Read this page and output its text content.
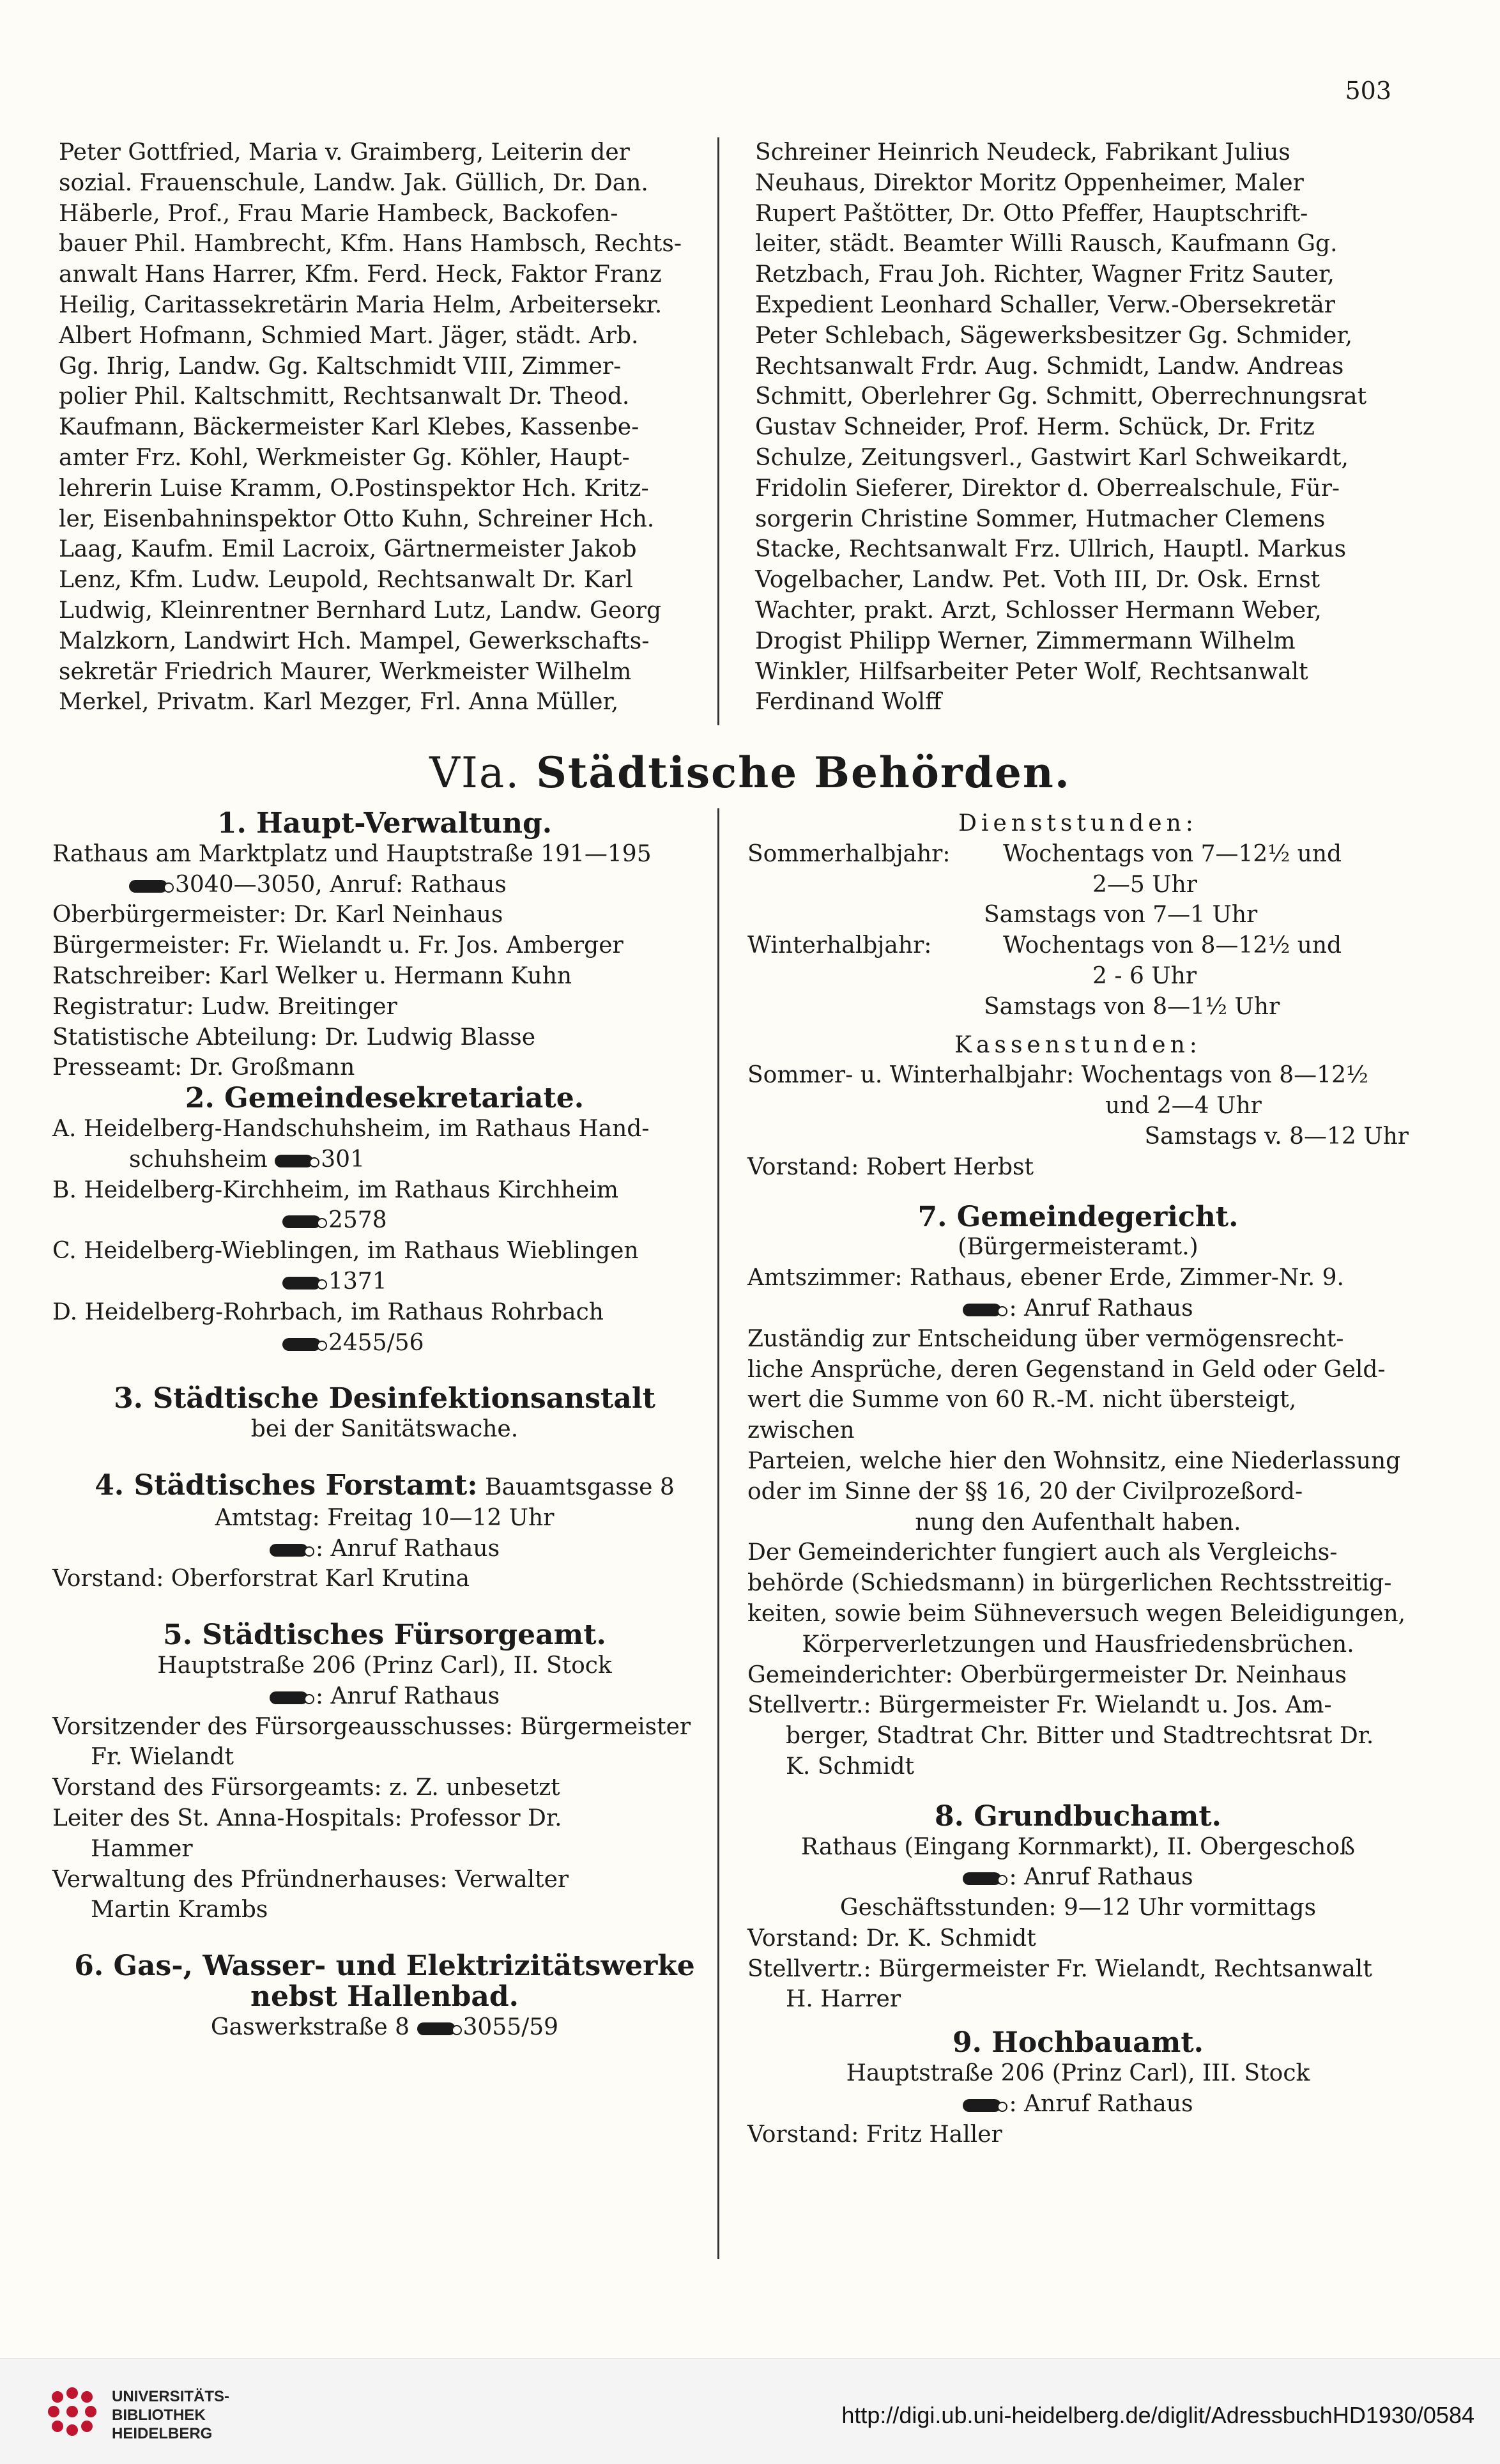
503

Peter Gottfried, Maria v. Graimberg, Leiterin der

sozial. Frauenschule, Landw. Jak. Güllich, Dr. Dan.

Häberle, Prof., Frau Marie Hambeck, Backofen-

bauer Phil. Hambrecht, Kfm. Hans Hambsch, Rechts-

anwalt Hans Harrer, Kfm. Ferd. Heck, Faktor Franz

Heilig, Caritassekretärin Maria Helm, Arbeitersekr.

Albert Hofmann, Schmied Mart. Jäger, städt. Arb.

Gg. Ihrig, Landw. Gg. Kaltschmidt VIII, Zimmer-

polier Phil. Kaltschmitt, Rechtsanwalt Dr. Theod.

Kaufmann, Bäckermeister Karl Klebes, Kassenbe-

amter Frz. Kohl, Werkmeister Gg. Köhler, Haupt-

lehrerin Luise Kramm, O.Postinspektor Hch. Kritz-

ler, Eisenbahninspektor Otto Kuhn, Schreiner Hch.

Laag, Kaufm. Emil Lacroix, Gärtnermeister Jakob

Lenz, Kfm. Ludw. Leupold, Rechtsanwalt Dr. Karl

Ludwig, Kleinrentner Bernhard Lutz, Landw. Georg

Malzkorn, Landwirt Hch. Mampel, Gewerkschafts-

sekretär Friedrich Maurer, Werkmeister Wilhelm

Merkel, Privatm. Karl Mezger, Frl. Anna Müller,

Schreiner Heinrich Neudeck, Fabrikant Julius

Neuhaus, Direktor Moritz Oppenheimer, Maler

Rupert Paštötter, Dr. Otto Pfeffer, Hauptschrift-

leiter, städt. Beamter Willi Rausch, Kaufmann Gg.

Retzbach, Frau Joh. Richter, Wagner Fritz Sauter,

Expedient Leonhard Schaller, Verw.-Obersekretär

Peter Schlebach, Sägewerksbesitzer Gg. Schmider,

Rechtsanwalt Frdr. Aug. Schmidt, Landw. Andreas

Schmitt, Oberlehrer Gg. Schmitt, Oberrechnungsrat

Gustav Schneider, Prof. Herm. Schück, Dr. Fritz

Schulze, Zeitungsverl., Gastwirt Karl Schweikardt,

Fridolin Sieferer, Direktor d. Oberrealschule, Für-

sorgerin Christine Sommer, Hutmacher Clemens

Stacke, Rechtsanwalt Frz. Ullrich, Hauptl. Markus

Vogelbacher, Landw. Pet. Voth III, Dr. Osk. Ernst

Wachter, prakt. Arzt, Schlosser Hermann Weber,

Drogist Philipp Werner, Zimmermann Wilhelm

Winkler, Hilfsarbeiter Peter Wolf, Rechtsanwalt

Ferdinand Wolff

VIa. Städtische Behörden.

1. Haupt-Verwaltung.

Rathaus am Marktplatz und Hauptstraße 191—195

3040—3050, Anruf: Rathaus

Oberbürgermeister: Dr. Karl Neinhaus

Bürgermeister: Fr. Wielandt u. Fr. Jos. Amberger

Ratschreiber: Karl Welker u. Hermann Kuhn

Registratur: Ludw. Breitinger

Statistische Abteilung: Dr. Ludwig Blasse

Presseamt: Dr. Großmann

2. Gemeindesekretariate.

A. Heidelberg-Handschuhsheim, im Rathaus Hand-

schuhsheim 301

B. Heidelberg-Kirchheim, im Rathaus Kirchheim

2578

C. Heidelberg-Wieblingen, im Rathaus Wieblingen

1371

D. Heidelberg-Rohrbach, im Rathaus Rohrbach

2455/56

3. Städtische Desinfektionsanstalt

bei der Sanitätswache.

4. Städtisches Forstamt: Bauamtsgasse 8

Amtstag: Freitag 10—12 Uhr

: Anruf Rathaus

Vorstand: Oberforstrat Karl Krutina

5. Städtisches Fürsorgeamt.

Hauptstraße 206 (Prinz Carl), II. Stock

: Anruf Rathaus

Vorsitzender des Fürsorgeausschusses: Bürgermeister

Fr. Wielandt

Vorstand des Fürsorgeamts: z. Z. unbesetzt

Leiter des St. Anna-Hospitals: Professor Dr.

Hammer

Verwaltung des Pfründnerhauses: Verwalter

Martin Krambs

6. Gas-, Wasser- und Elektrizitätswerke

nebst Hallenbad.

Gaswerkstraße 8 3055/59

Dienststunden:

Sommerhalbjahr:	Wochentags von 7—12½ und

2—5 Uhr

Samstags von 7—1 Uhr

Winterhalbjahr:	Wochentags von 8—12½ und

2 - 6 Uhr

Samstags von 8—1½ Uhr

Kassenstunden:

Sommer- u. Winterhalbjahr: Wochentags von 8—12½

und 2—4 Uhr

Samstags v. 8—12 Uhr

Vorstand: Robert Herbst

7. Gemeindegericht.

(Bürgermeisteramt.)

Amtszimmer: Rathaus, ebener Erde, Zimmer-Nr. 9.

: Anruf Rathaus

Zuständig zur Entscheidung über vermögensrecht-

liche Ansprüche, deren Gegenstand in Geld oder Geld-

wert die Summe von 60 R.-M. nicht übersteigt, zwischen

Parteien, welche hier den Wohnsitz, eine Niederlassung

oder im Sinne der §§ 16, 20 der Civilprozeßord-

nung den Aufenthalt haben.

Der Gemeinderichter fungiert auch als Vergleichs-

behörde (Schiedsmann) in bürgerlichen Rechtsstreitig-

keiten, sowie beim Sühneversuch wegen Beleidigungen,

Körperverletzungen und Hausfriedensbrüchen.

Gemeinderichter: Oberbürgermeister Dr. Neinhaus

Stellvertr.: Bürgermeister Fr. Wielandt u. Jos. Am-

berger, Stadtrat Chr. Bitter und Stadtrechtsrat Dr.

K. Schmidt

8. Grundbuchamt.

Rathaus (Eingang Kornmarkt), II. Obergeschoß

: Anruf Rathaus

Geschäftsstunden: 9—12 Uhr vormittags

Vorstand: Dr. K. Schmidt

Stellvertr.: Bürgermeister Fr. Wielandt, Rechtsanwalt

H. Harrer

9. Hochbauamt.

Hauptstraße 206 (Prinz Carl), III. Stock

: Anruf Rathaus

Vorstand: Fritz Haller

UNIVERSITÄTS-
BIBLIOTHEK
HEIDELBERG
http://digi.ub.uni-heidelberg.de/diglit/AdressbuchHD1930/0584
